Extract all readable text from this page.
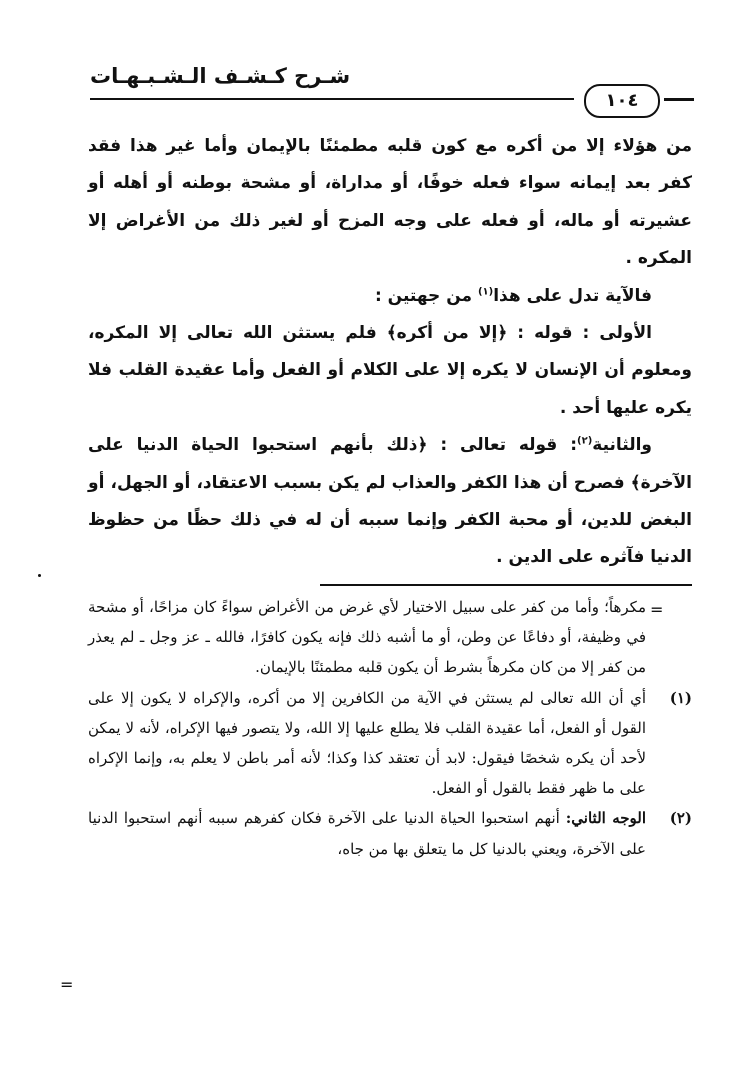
شـرح كـشـف الـشـبـهـات
١٠٤

من هؤلاء إلا من أكره مع كون قلبه مطمئنًا بالإيمان وأما غير هذا فقد كفر بعد إيمانه سواء فعله خوفًا، أو مداراة، أو مشحة بوطنه أو أهله أو عشيرته أو ماله، أو فعله على وجه المزح أو لغير ذلك من الأغراض إلا المكره .

فالآية تدل على هذا$^{(١)}$ من جهتين :

الأولى : قوله : ﴿إلا من أكره﴾ فلم يستثن الله تعالى إلا المكره، ومعلوم أن الإنسان لا يكره إلا على الكلام أو الفعل وأما عقيدة القلب فلا يكره عليها أحد .

والثانية$^{(٢)}$: قوله تعالى : ﴿ذلك بأنهم استحبوا الحياة الدنيا على الآخرة﴾ فصرح أن هذا الكفر والعذاب لم يكن بسبب الاعتقاد، أو الجهل، أو البغض للدين، أو محبة الكفر وإنما سببه أن له في ذلك حظًا من حظوظ الدنيا فآثره على الدين .

مكرهاً؛ وأما من كفر على سبيل الاختيار لأي غرض من الأغراض سواءً كان مزاحًا، أو مشحة في وظيفة، أو دفاعًا عن وطن، أو ما أشبه ذلك فإنه يكون كافرًا، فالله ـ عز وجل ـ لم يعذر من كفر إلا من كان مكرهاً بشرط أن يكون قلبه مطمئنًا بالإيمان.
(١)
أي أن الله تعالى لم يستثن في الآية من الكافرين إلا من أكره، والإكراه لا يكون إلا على القول أو الفعل، أما عقيدة القلب فلا يطلع عليها إلا الله، ولا يتصور فيها الإكراه، لأنه لا يمكن لأحد أن يكره شخصًا فيقول: لابد أن تعتقد كذا وكذا؛ لأنه أمر باطن لا يعلم به، وإنما الإكراه على ما ظهر فقط بالقول أو الفعل.
(٢)
الوجه الثاني: أنهم استحبوا الحياة الدنيا على الآخرة فكان كفرهم سببه أنهم استحبوا الدنيا على الآخرة، ويعني بالدنيا كل ما يتعلق بها من جاه،
=
=
